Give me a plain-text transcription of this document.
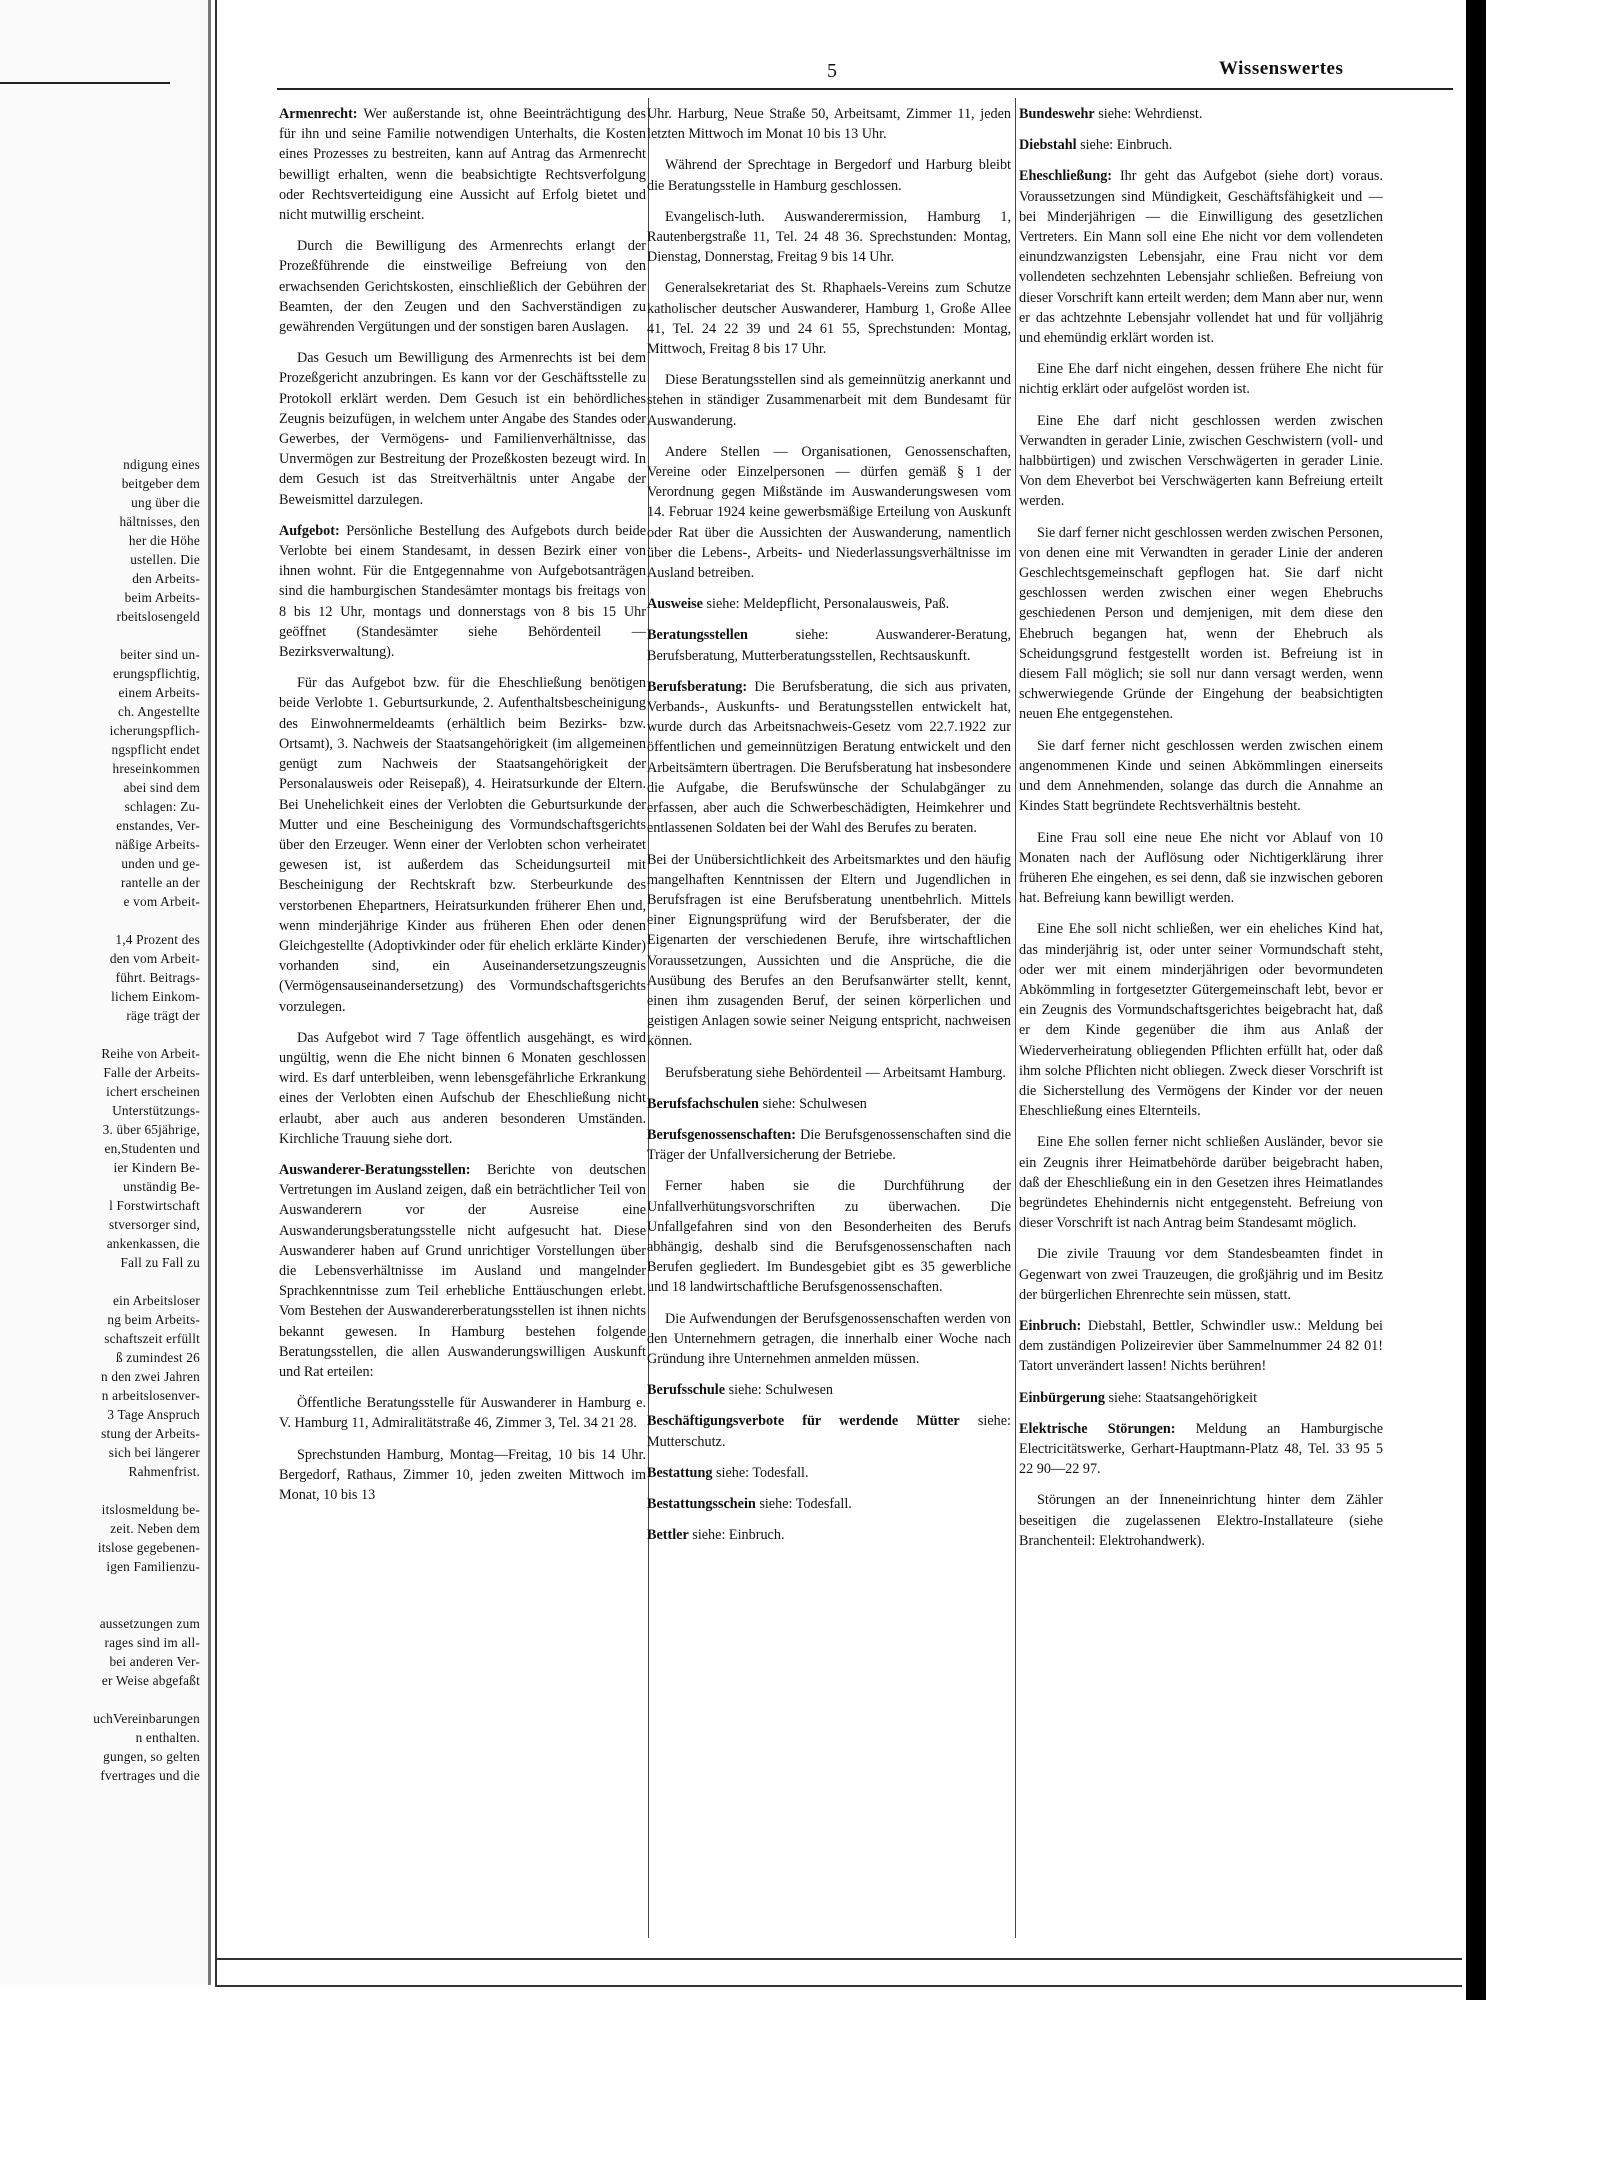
ndigung eines
beitgeber dem
ung über die
hältnisses, den
her die Höhe
ustellen. Die
den Arbeits-
beim Arbeits-
rbeitslosengeld

beiter sind un-
erungspflichtig,
einem Arbeits-
ch. Angestellte
icherungspflich-
ngspflicht endet
hreseinkommen
abei sind dem
schlagen: Zu-
enstandes, Ver-
näßige Arbeits-
unden und ge-
rantelle an der
e vom Arbeit-

1,4 Prozent des
den vom Arbeit-
führt. Beitrags-
lichem Einkom-
räge trägt der

Reihe von Arbeit-
Falle der Arbeits-
ichert erscheinen
Unterstützungs-
3. über 65jährige,
en,Studenten und
ier Kindern Be-
unständig Be-
l Forstwirtschaft
stversorger sind,
ankenkassen, die
Fall zu Fall zu

ein Arbeitsloser
ng beim Arbeits-
schaftszeit erfüllt
ß zumindest 26
n den zwei Jahren
n arbeitslosenver-
3 Tage Anspruch
stung der Arbeits-
sich bei längerer
Rahmenfrist.

itslosmeldung be-
zeit. Neben dem
itslose gegebenen-
igen Familienzu-

aussetzungen zum
rages sind im all-
bei anderen Ver-
er Weise abgefaßt

uchVereinbarungen
n enthalten.
gungen, so gelten
fvertrages und die
5	Wissenswertes

Armenrecht: Wer außerstande ist, ohne Beeinträchtigung des für ihn und seine Familie notwendigen Unterhalts, die Kosten eines Prozesses zu bestreiten, kann auf Antrag das Armenrecht bewilligt erhalten, wenn die beabsichtigte Rechtsverfolgung oder Rechtsverteidigung eine Aussicht auf Erfolg bietet und nicht mutwillig erscheint.

Durch die Bewilligung des Armenrechts erlangt der Prozeßführende die einstweilige Befreiung von den erwachsenden Gerichtskosten, einschließlich der Gebühren der Beamten, der den Zeugen und den Sachverständigen zu gewährenden Vergütungen und der sonstigen baren Auslagen.

Das Gesuch um Bewilligung des Armenrechts ist bei dem Prozeßgericht anzubringen. Es kann vor der Geschäftsstelle zu Protokoll erklärt werden. Dem Gesuch ist ein behördliches Zeugnis beizufügen, in welchem unter Angabe des Standes oder Gewerbes, der Vermögens- und Familienverhältnisse, das Unvermögen zur Bestreitung der Prozeßkosten bezeugt wird. In dem Gesuch ist das Streitverhältnis unter Angabe der Beweismittel darzulegen.

Aufgebot: Persönliche Bestellung des Aufgebots durch beide Verlobte bei einem Standesamt, in dessen Bezirk einer von ihnen wohnt. Für die Entgegennahme von Aufgebotsanträgen sind die hamburgischen Standesämter montags bis freitags von 8 bis 12 Uhr, montags und donnerstags von 8 bis 15 Uhr geöffnet (Standesämter siehe Behördenteil — Bezirksverwaltung).

Für das Aufgebot bzw. für die Eheschließung benötigen beide Verlobte 1. Geburtsurkunde, 2. Aufenthaltsbescheinigung des Einwohnermeldeamts (erhältlich beim Bezirks- bzw. Ortsamt), 3. Nachweis der Staatsangehörigkeit (im allgemeinen genügt zum Nachweis der Staatsangehörigkeit der Personalausweis oder Reisepaß), 4. Heiratsurkunde der Eltern. Bei Unehelichkeit eines der Verlobten die Geburtsurkunde der Mutter und eine Bescheinigung des Vormundschaftsgerichts über den Erzeuger. Wenn einer der Verlobten schon verheiratet gewesen ist, ist außerdem das Scheidungsurteil mit Bescheinigung der Rechtskraft bzw. Sterbeurkunde des verstorbenen Ehepartners, Heiratsurkunden früherer Ehen und, wenn minderjährige Kinder aus früheren Ehen oder denen Gleichgestellte (Adoptivkinder oder für ehelich erklärte Kinder) vorhanden sind, ein Auseinandersetzungszeugnis (Vermögensauseinandersetzung) des Vormundschaftsgerichts vorzulegen.

Das Aufgebot wird 7 Tage öffentlich ausgehängt, es wird ungültig, wenn die Ehe nicht binnen 6 Monaten geschlossen wird. Es darf unterbleiben, wenn lebensgefährliche Erkrankung eines der Verlobten einen Aufschub der Eheschließung nicht erlaubt, aber auch aus anderen besonderen Umständen. Kirchliche Trauung siehe dort.

Auswanderer-Beratungsstellen: Berichte von deutschen Vertretungen im Ausland zeigen, daß ein beträchtlicher Teil von Auswanderern vor der Ausreise eine Auswanderungsberatungsstelle nicht aufgesucht hat. Diese Auswanderer haben auf Grund unrichtiger Vorstellungen über die Lebensverhältnisse im Ausland und mangelnder Sprachkenntnisse zum Teil erhebliche Enttäuschungen erlebt. Vom Bestehen der Auswandererberatungsstellen ist ihnen nichts bekannt gewesen. In Hamburg bestehen folgende Beratungsstellen, die allen Auswanderungswilligen Auskunft und Rat erteilen:

Öffentliche Beratungsstelle für Auswanderer in Hamburg e. V. Hamburg 11, Admiralitätstraße 46, Zimmer 3, Tel. 34 21 28.

Sprechstunden Hamburg, Montag—Freitag, 10 bis 14 Uhr. Bergedorf, Rathaus, Zimmer 10, jeden zweiten Mittwoch im Monat, 10 bis 13

Uhr. Harburg, Neue Straße 50, Arbeitsamt, Zimmer 11, jeden letzten Mittwoch im Monat 10 bis 13 Uhr.

Während der Sprechtage in Bergedorf und Harburg bleibt die Beratungsstelle in Hamburg geschlossen.

Evangelisch-luth. Auswanderermission, Hamburg 1, Rautenbergstraße 11, Tel. 24 48 36. Sprechstunden: Montag, Dienstag, Donnerstag, Freitag 9 bis 14 Uhr.

Generalsekretariat des St. Rhaphaels-Vereins zum Schutze katholischer deutscher Auswanderer, Hamburg 1, Große Allee 41, Tel. 24 22 39 und 24 61 55, Sprechstunden: Montag, Mittwoch, Freitag 8 bis 17 Uhr.

Diese Beratungsstellen sind als gemeinnützig anerkannt und stehen in ständiger Zusammenarbeit mit dem Bundesamt für Auswanderung.

Andere Stellen — Organisationen, Genossenschaften, Vereine oder Einzelpersonen — dürfen gemäß § 1 der Verordnung gegen Mißstände im Auswanderungswesen vom 14. Februar 1924 keine gewerbsmäßige Erteilung von Auskunft oder Rat über die Aussichten der Auswanderung, namentlich über die Lebens-, Arbeits- und Niederlassungsverhältnisse im Ausland betreiben.

Ausweise siehe: Meldepflicht, Personalausweis, Paß.

Beratungsstellen siehe: Auswanderer-Beratung, Berufsberatung, Mutterberatungsstellen, Rechtsauskunft.

Berufsberatung: Die Berufsberatung, die sich aus privaten, Verbands-, Auskunfts- und Beratungsstellen entwickelt hat, wurde durch das Arbeitsnachweis-Gesetz vom 22.7.1922 zur öffentlichen und gemeinnützigen Beratung entwickelt und den Arbeitsämtern übertragen. Die Berufsberatung hat insbesondere die Aufgabe, die Berufswünsche der Schulabgänger zu erfassen, aber auch die Schwerbeschädigten, Heimkehrer und entlassenen Soldaten bei der Wahl des Berufes zu beraten.

Bei der Unübersichtlichkeit des Arbeitsmarktes und den häufig mangelhaften Kenntnissen der Eltern und Jugendlichen in Berufsfragen ist eine Berufsberatung unentbehrlich. Mittels einer Eignungsprüfung wird der Berufsberater, der die Eigenarten der verschiedenen Berufe, ihre wirtschaftlichen Voraussetzungen, Aussichten und die Ansprüche, die die Ausübung des Berufes an den Berufsanwärter stellt, kennt, einen ihm zusagenden Beruf, der seinen körperlichen und geistigen Anlagen sowie seiner Neigung entspricht, nachweisen können.

Berufsberatung siehe Behördenteil — Arbeitsamt Hamburg.

Berufsfachschulen siehe: Schulwesen

Berufsgenossenschaften: Die Berufsgenossenschaften sind die Träger der Unfallversicherung der Betriebe.

Ferner haben sie die Durchführung der Unfallverhütungsvorschriften zu überwachen. Die Unfallgefahren sind von den Besonderheiten des Berufs abhängig, deshalb sind die Berufsgenossenschaften nach Berufen gegliedert. Im Bundesgebiet gibt es 35 gewerbliche und 18 landwirtschaftliche Berufsgenossenschaften.

Die Aufwendungen der Berufsgenossenschaften werden von den Unternehmern getragen, die innerhalb einer Woche nach Gründung ihre Unternehmen anmelden müssen.

Berufsschule siehe: Schulwesen

Beschäftigungsverbote für werdende Mütter siehe: Mutterschutz.

Bestattung siehe: Todesfall.

Bestattungsschein siehe: Todesfall.

Bettler siehe: Einbruch.

Bundeswehr siehe: Wehrdienst.

Diebstahl siehe: Einbruch.

Eheschließung: Ihr geht das Aufgebot (siehe dort) voraus. Voraussetzungen sind Mündigkeit, Geschäftsfähigkeit und — bei Minderjährigen — die Einwilligung des gesetzlichen Vertreters. Ein Mann soll eine Ehe nicht vor dem vollendeten einundzwanzigsten Lebensjahr, eine Frau nicht vor dem vollendeten sechzehnten Lebensjahr schließen. Befreiung von dieser Vorschrift kann erteilt werden; dem Mann aber nur, wenn er das achtzehnte Lebensjahr vollendet hat und für volljährig und ehemündig erklärt worden ist.

Eine Ehe darf nicht eingehen, dessen frühere Ehe nicht für nichtig erklärt oder aufgelöst worden ist.

Eine Ehe darf nicht geschlossen werden zwischen Verwandten in gerader Linie, zwischen Geschwistern (voll- und halbbürtigen) und zwischen Verschwägerten in gerader Linie. Von dem Eheverbot bei Verschwägerten kann Befreiung erteilt werden.

Sie darf ferner nicht geschlossen werden zwischen Personen, von denen eine mit Verwandten in gerader Linie der anderen Geschlechtsgemeinschaft gepflogen hat. Sie darf nicht geschlossen werden zwischen einer wegen Ehebruchs geschiedenen Person und demjenigen, mit dem diese den Ehebruch begangen hat, wenn der Ehebruch als Scheidungsgrund festgestellt worden ist. Befreiung ist in diesem Fall möglich; sie soll nur dann versagt werden, wenn schwerwiegende Gründe der Eingehung der beabsichtigten neuen Ehe entgegenstehen.

Sie darf ferner nicht geschlossen werden zwischen einem angenommenen Kinde und seinen Abkömmlingen einerseits und dem Annehmenden, solange das durch die Annahme an Kindes Statt begründete Rechtsverhältnis besteht.

Eine Frau soll eine neue Ehe nicht vor Ablauf von 10 Monaten nach der Auflösung oder Nichtigerklärung ihrer früheren Ehe eingehen, es sei denn, daß sie inzwischen geboren hat. Befreiung kann bewilligt werden.

Eine Ehe soll nicht schließen, wer ein eheliches Kind hat, das minderjährig ist, oder unter seiner Vormundschaft steht, oder wer mit einem minderjährigen oder bevormundeten Abkömmling in fortgesetzter Gütergemeinschaft lebt, bevor er ein Zeugnis des Vormundschaftsgerichtes beigebracht hat, daß er dem Kinde gegenüber die ihm aus Anlaß der Wiederverheiratung obliegenden Pflichten erfüllt hat, oder daß ihm solche Pflichten nicht obliegen. Zweck dieser Vorschrift ist die Sicherstellung des Vermögens der Kinder vor der neuen Eheschließung eines Elternteils.

Eine Ehe sollen ferner nicht schließen Ausländer, bevor sie ein Zeugnis ihrer Heimatbehörde darüber beigebracht haben, daß der Eheschließung ein in den Gesetzen ihres Heimatlandes begründetes Ehehindernis nicht entgegensteht. Befreiung von dieser Vorschrift ist nach Antrag beim Standesamt möglich.

Die zivile Trauung vor dem Standesbeamten findet in Gegenwart von zwei Trauzeugen, die großjährig und im Besitz der bürgerlichen Ehrenrechte sein müssen, statt.

Einbruch: Diebstahl, Bettler, Schwindler usw.: Meldung bei dem zuständigen Polizeirevier über Sammelnummer 24 82 01! Tatort unverändert lassen! Nichts berühren!

Einbürgerung siehe: Staatsangehörigkeit

Elektrische Störungen: Meldung an Hamburgische Electricitätswerke, Gerhart-Hauptmann-Platz 48, Tel. 33 95 5 22 90—22 97.

Störungen an der Inneneinrichtung hinter dem Zähler beseitigen die zugelassenen Elektro-Installateure (siehe Branchenteil: Elektrohandwerk).
